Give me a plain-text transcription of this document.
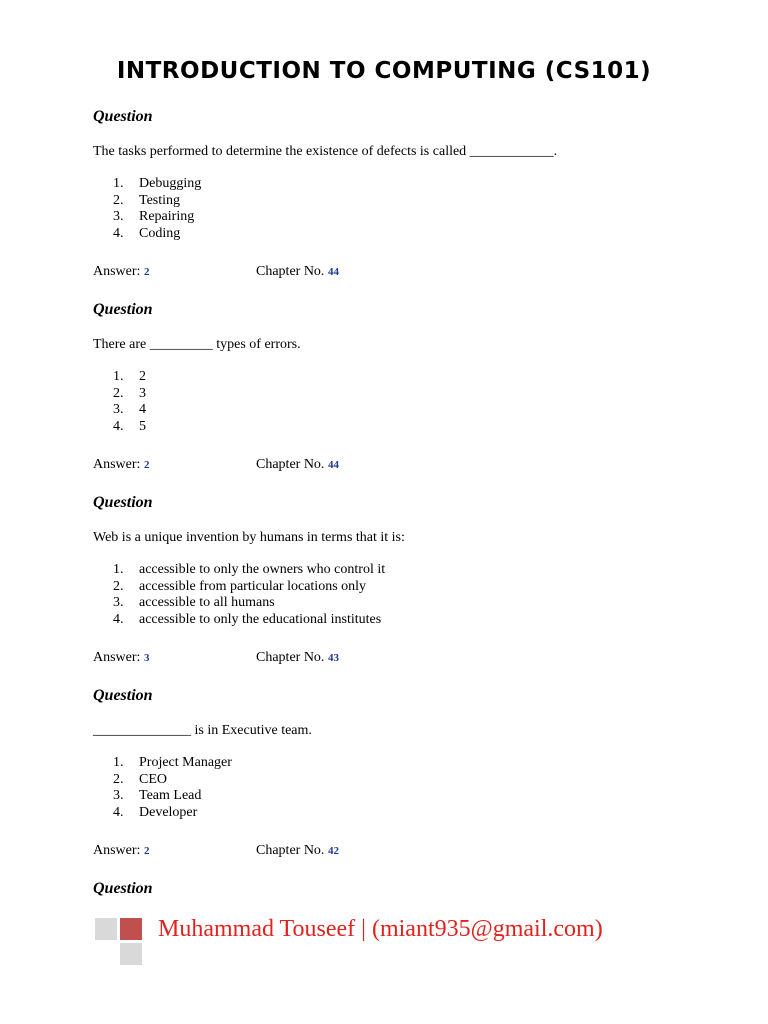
INTRODUCTION TO COMPUTING (CS101)
Question
The tasks performed to determine the existence of defects is called ____________.
1. Debugging
2. Testing
3. Repairing
4. Coding
Answer: 2	Chapter No. 44
Question
There are _________ types of errors.
1. 2
2. 3
3. 4
4. 5
Answer: 2	Chapter No. 44
Question
Web is a unique invention by humans in terms that it is:
1. accessible to only the owners who control it
2. accessible from particular locations only
3. accessible to all humans
4. accessible to only the educational institutes
Answer: 3	Chapter No. 43
Question
______________ is in Executive team.
1. Project Manager
2. CEO
3. Team Lead
4. Developer
Answer: 2	Chapter No. 42
Question
Muhammad Touseef | (miant935@gmail.com)
